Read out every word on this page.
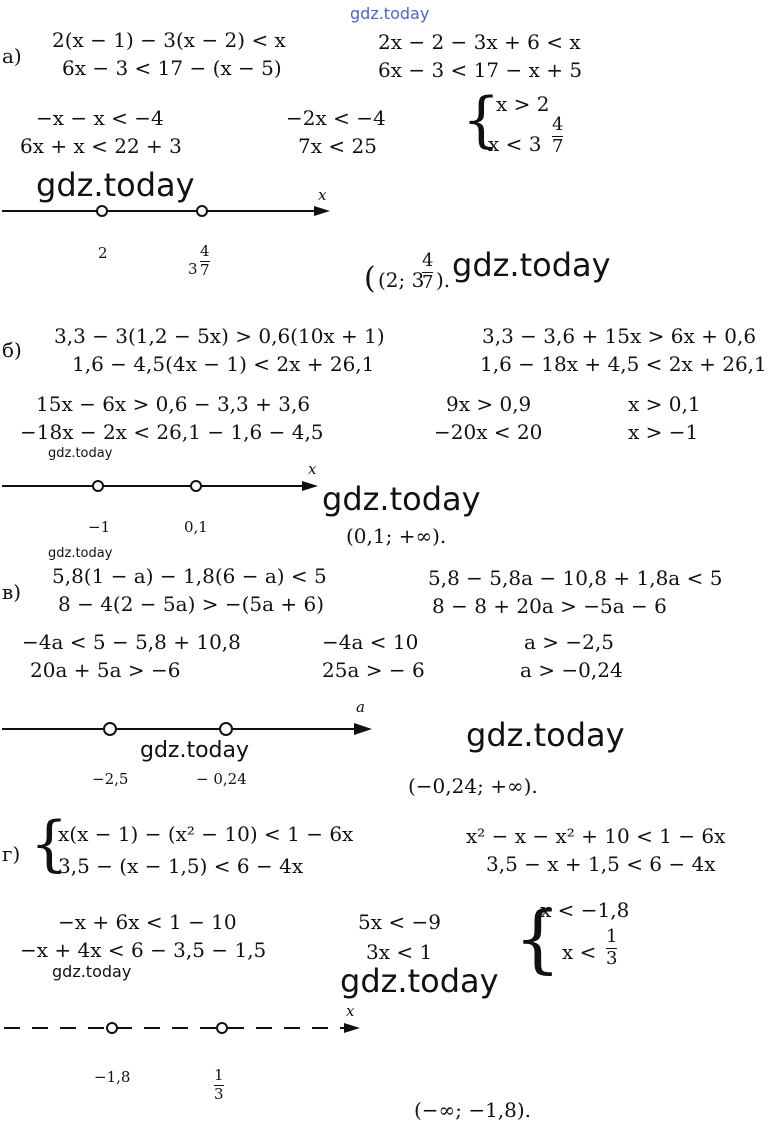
gdz.today
а)
2(x − 1) − 3(x − 2) < x
6x − 3 < 17 − (x − 5)
2x − 2 − 3x + 6 < x
6x − 3 < 17 − x + 5
−x − x < −4
6x + x < 22 + 3
−2x < −4
7x < 25 {
x > 2
x < 3
4
7
gdz.today	x
2
3
4
7	( (2; 3
4
7 ). gdz.today
б)
3,3 − 3(1,2 − 5x) > 0,6(10x + 1)
1,6 − 4,5(4x − 1) < 2x + 26,1
3,3 − 3,6 + 15x > 6x + 0,6
1,6 − 18x + 4,5 < 2x + 26,1
15x − 6x > 0,6 − 3,3 + 3,6
−18x − 2x < 26,1 − 1,6 − 4,5
9x > 0,9
−20x < 20
x > 0,1
x > −1
gdz.today
x
gdz.today
−1	0,1	(0,1; +∞).
gdz.today
в)
5,8(1 − a) − 1,8(6 − a) < 5
8 − 4(2 − 5a) > −(5a + 6)
5,8 − 5,8a − 10,8 + 1,8a < 5
8 − 8 + 20a > −5a − 6
−4a < 5 − 5,8 + 10,8
20a + 5a > −6
−4a < 10
25a > − 6
a > −2,5
a > −0,24
a
gdz.today
gdz.today
−2,5	− 0,24	(−0,24; +∞).
г) {
x(x − 1) − (x² − 10) < 1 − 6x
3,5 − (x − 1,5) < 6 − 4x
x² − x − x² + 10 < 1 − 6x
3,5 − x + 1,5 < 6 − 4x
−x + 6x < 1 − 10
−x + 4x < 6 − 3,5 − 1,5
5x < −9
3x < 1 {
x < −1,8
x <
1
3
gdz.today	gdz.today
x
−1,8	1
3
(−∞; −1,8).
